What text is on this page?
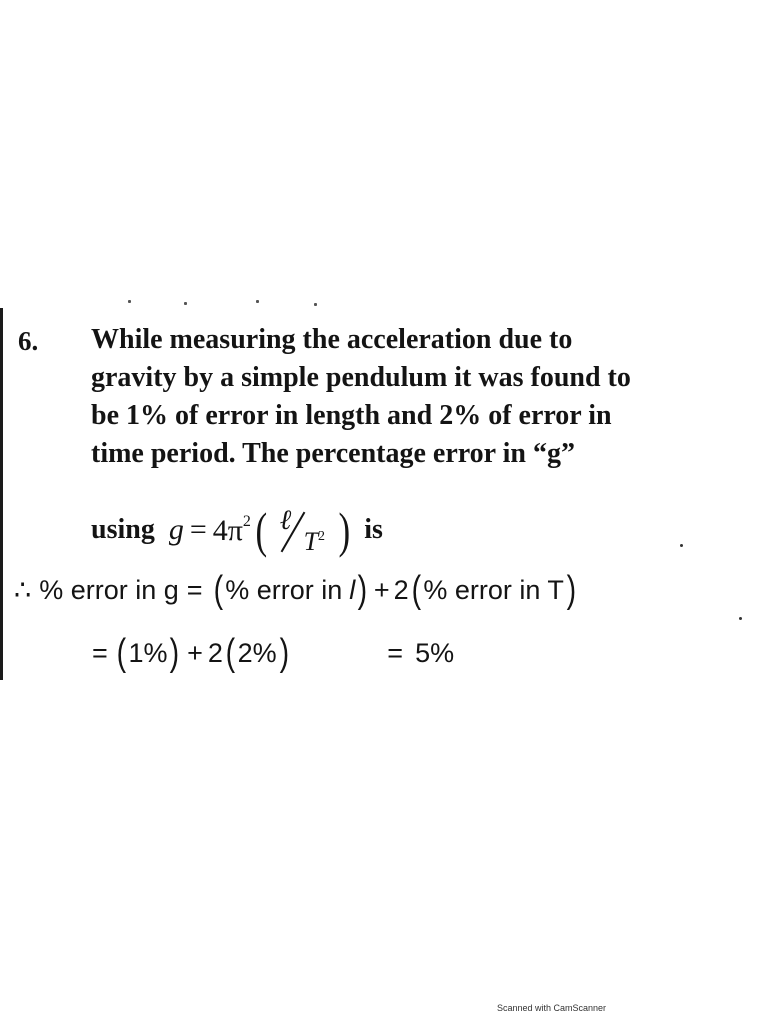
6. While measuring the acceleration due to
gravity by a simple pendulum it was found to
be 1% of error in length and 2% of error in
time period. The percentage error in “g”
using $g = 4\pi^2$ ( ℓ
$T^2$ ) is
∴ % error in g = ( % error in l ) + 2 ( % error in T )
= ( 1% ) + 2 ( 2% )	= 5%
Scanned with CamScanner
